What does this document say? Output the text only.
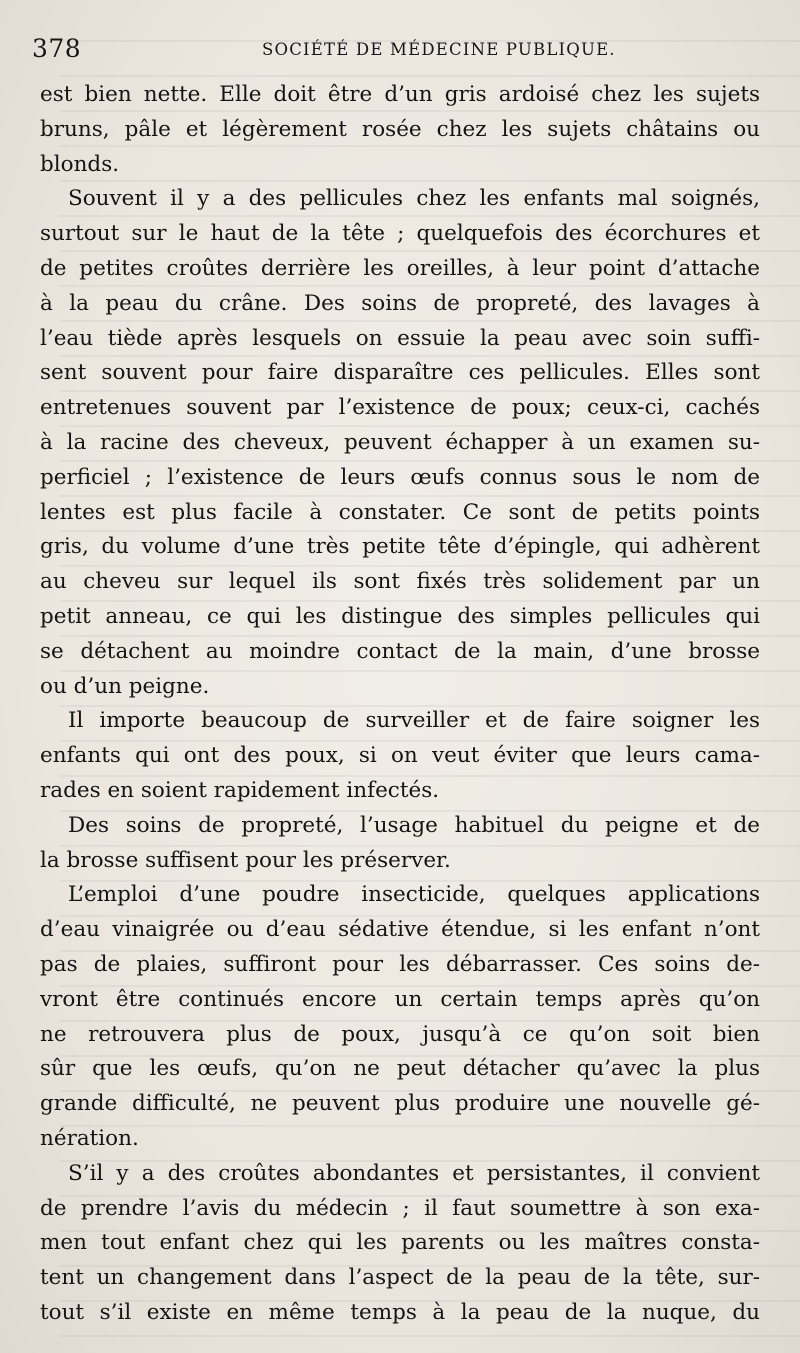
378	SOCIÉTÉ DE MÉDECINE PUBLIQUE.
est bien nette. Elle doit être d’un gris ardoisé chez les sujets
bruns, pâle et légèrement rosée chez les sujets châtains ou
blonds.
Souvent il y a des pellicules chez les enfants mal soignés,
surtout sur le haut de la tête ; quelquefois des écorchures et
de petites croûtes derrière les oreilles, à leur point d’attache
à la peau du crâne. Des soins de propreté, des lavages à
l’eau tiède après lesquels on essuie la peau avec soin suffi-
sent souvent pour faire disparaître ces pellicules. Elles sont
entretenues souvent par l’existence de poux; ceux-ci, cachés
à la racine des cheveux, peuvent échapper à un examen su-
perficiel ; l’existence de leurs œufs connus sous le nom de
lentes est plus facile à constater. Ce sont de petits points
gris, du volume d’une très petite tête d’épingle, qui adhèrent
au cheveu sur lequel ils sont fixés très solidement par un
petit anneau, ce qui les distingue des simples pellicules qui
se détachent au moindre contact de la main, d’une brosse
ou d’un peigne.
Il importe beaucoup de surveiller et de faire soigner les
enfants qui ont des poux, si on veut éviter que leurs cama-
rades en soient rapidement infectés.
Des soins de propreté, l’usage habituel du peigne et de
la brosse suffisent pour les préserver.
L’emploi d’une poudre insecticide, quelques applications
d’eau vinaigrée ou d’eau sédative étendue, si les enfant n’ont
pas de plaies, suffiront pour les débarrasser. Ces soins de-
vront être continués encore un certain temps après qu’on
ne retrouvera plus de poux, jusqu’à ce qu’on soit bien
sûr que les œufs, qu’on ne peut détacher qu’avec la plus
grande difficulté, ne peuvent plus produire une nouvelle gé-
nération.
S’il y a des croûtes abondantes et persistantes, il convient
de prendre l’avis du médecin ; il faut soumettre à son exa-
men tout enfant chez qui les parents ou les maîtres consta-
tent un changement dans l’aspect de la peau de la tête, sur-
tout s’il existe en même temps à la peau de la nuque, du
